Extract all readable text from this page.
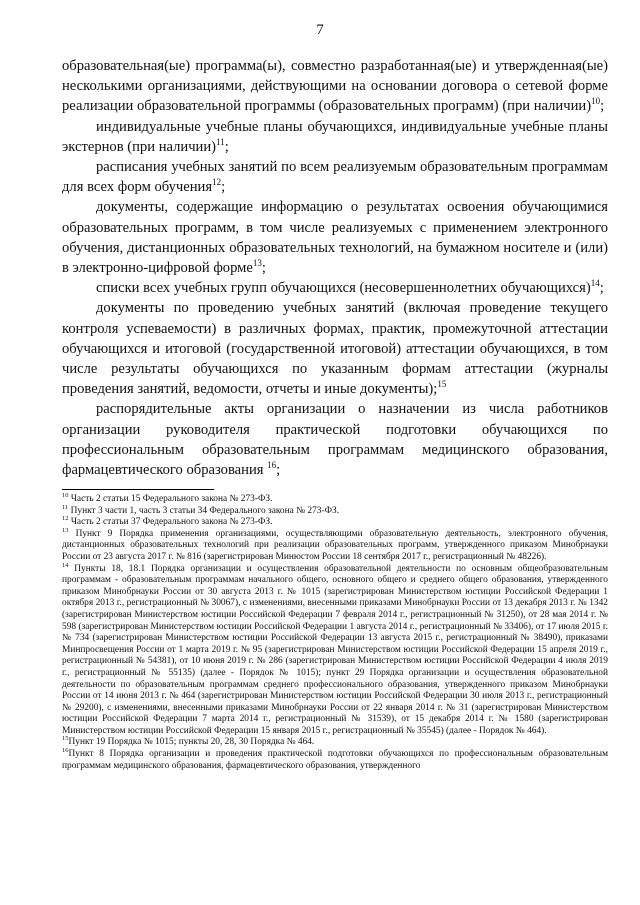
7

образовательная(ые) программа(ы), совместно разработанная(ые) и утвержденная(ые) несколькими организациями, действующими на основании договора о сетевой форме реализации образовательной программы (образовательных программ) (при наличии)$^{10}$;

индивидуальные учебные планы обучающихся, индивидуальные учебные планы экстернов (при наличии)$^{11}$;

расписания учебных занятий по всем реализуемым образовательным программам для всех форм обучения$^{12}$;

документы, содержащие информацию о результатах освоения обучающимися образовательных программ, в том числе реализуемых с применением электронного обучения, дистанционных образовательных технологий, на бумажном носителе и (или) в электронно-цифровой форме$^{13}$;

списки всех учебных групп обучающихся (несовершеннолетних обучающихся)$^{14}$;

документы по проведению учебных занятий (включая проведение текущего контроля успеваемости) в различных формах, практик, промежуточной аттестации обучающихся и итоговой (государственной итоговой) аттестации обучающихся, в том числе результаты обучающихся по указанным формам аттестации (журналы проведения занятий, ведомости, отчеты и иные документы);$^{15}$

распорядительные акты организации о назначении из числа работников организации руководителя практической подготовки обучающихся по профессиональным образовательным программам медицинского образования, фармацевтического образования $^{16}$;

$^{10}$ Часть 2 статьи 15 Федерального закона № 273-ФЗ.

$^{11}$ Пункт 3 части 1, часть 3 статьи 34 Федерального закона № 273-ФЗ.

$^{12}$ Часть 2 статьи 37 Федерального закона № 273-ФЗ.

$^{13}$ Пункт 9 Порядка применения организациями, осуществляющими образовательную деятельность, электронного обучения, дистанционных образовательных технологий при реализации образовательных программ, утвержденного приказом Минобрнауки России от 23 августа 2017 г. № 816 (зарегистрирован Минюстом России 18 сентября 2017 г., регистрационный № 48226).

$^{14}$ Пункты 18, 18.1 Порядка организации и осуществления образовательной деятельности по основным общеобразовательным программам - образовательным программам начального общего, основного общего и среднего общего образования, утвержденного приказом Минобрнауки России от 30 августа 2013 г. № 1015 (зарегистрирован Министерством юстиции Российской Федерации 1 октября 2013 г., регистрационный № 30067), с изменениями, внесенными приказами Минобрнауки России от 13 декабря 2013 г. № 1342 (зарегистрирован Министерством юстиции Российской Федерации 7 февраля 2014 г., регистрационный № 31250), от 28 мая 2014 г. № 598 (зарегистрирован Министерством юстиции Российской Федерации 1 августа 2014 г., регистрационный № 33406), от 17 июля 2015 г. № 734 (зарегистрирован Министерством юстиции Российской Федерации 13 августа 2015 г., регистрационный № 38490), приказами Минпросвещения России от 1 марта 2019 г. № 95 (зарегистрирован Министерством юстиции Российской Федерации 15 апреля 2019 г., регистрационный № 54381), от 10 июня 2019 г. № 286 (зарегистрирован Министерством юстиции Российской Федерации 4 июля 2019 г., регистрационный № 55135) (далее - Порядок № 1015); пункт 29 Порядка организации и осуществления образовательной деятельности по образовательным программам среднего профессионального образования, утвержденного приказом Минобрнауки России от 14 июня 2013 г. № 464 (зарегистрирован Министерством юстиции Российской Федерации 30 июля 2013 г., регистрационный № 29200), с изменениями, внесенными приказами Минобрнауки России от 22 января 2014 г. № 31 (зарегистрирован Министерством юстиции Российской Федерации 7 марта 2014 г., регистрационный № 31539), от 15 декабря 2014 г. № 1580 (зарегистрирован Министерством юстиции Российской Федерации 15 января 2015 г., регистрационный № 35545) (далее - Порядок № 464).

$^{15}$Пункт 19 Порядка № 1015; пункты 20, 28, 30 Порядка № 464.

$^{16}$Пункт 8 Порядка организации и проведения практической подготовки обучающихся по профессиональным образовательным программам медицинского образования, фармацевтического образования, утвержденного
